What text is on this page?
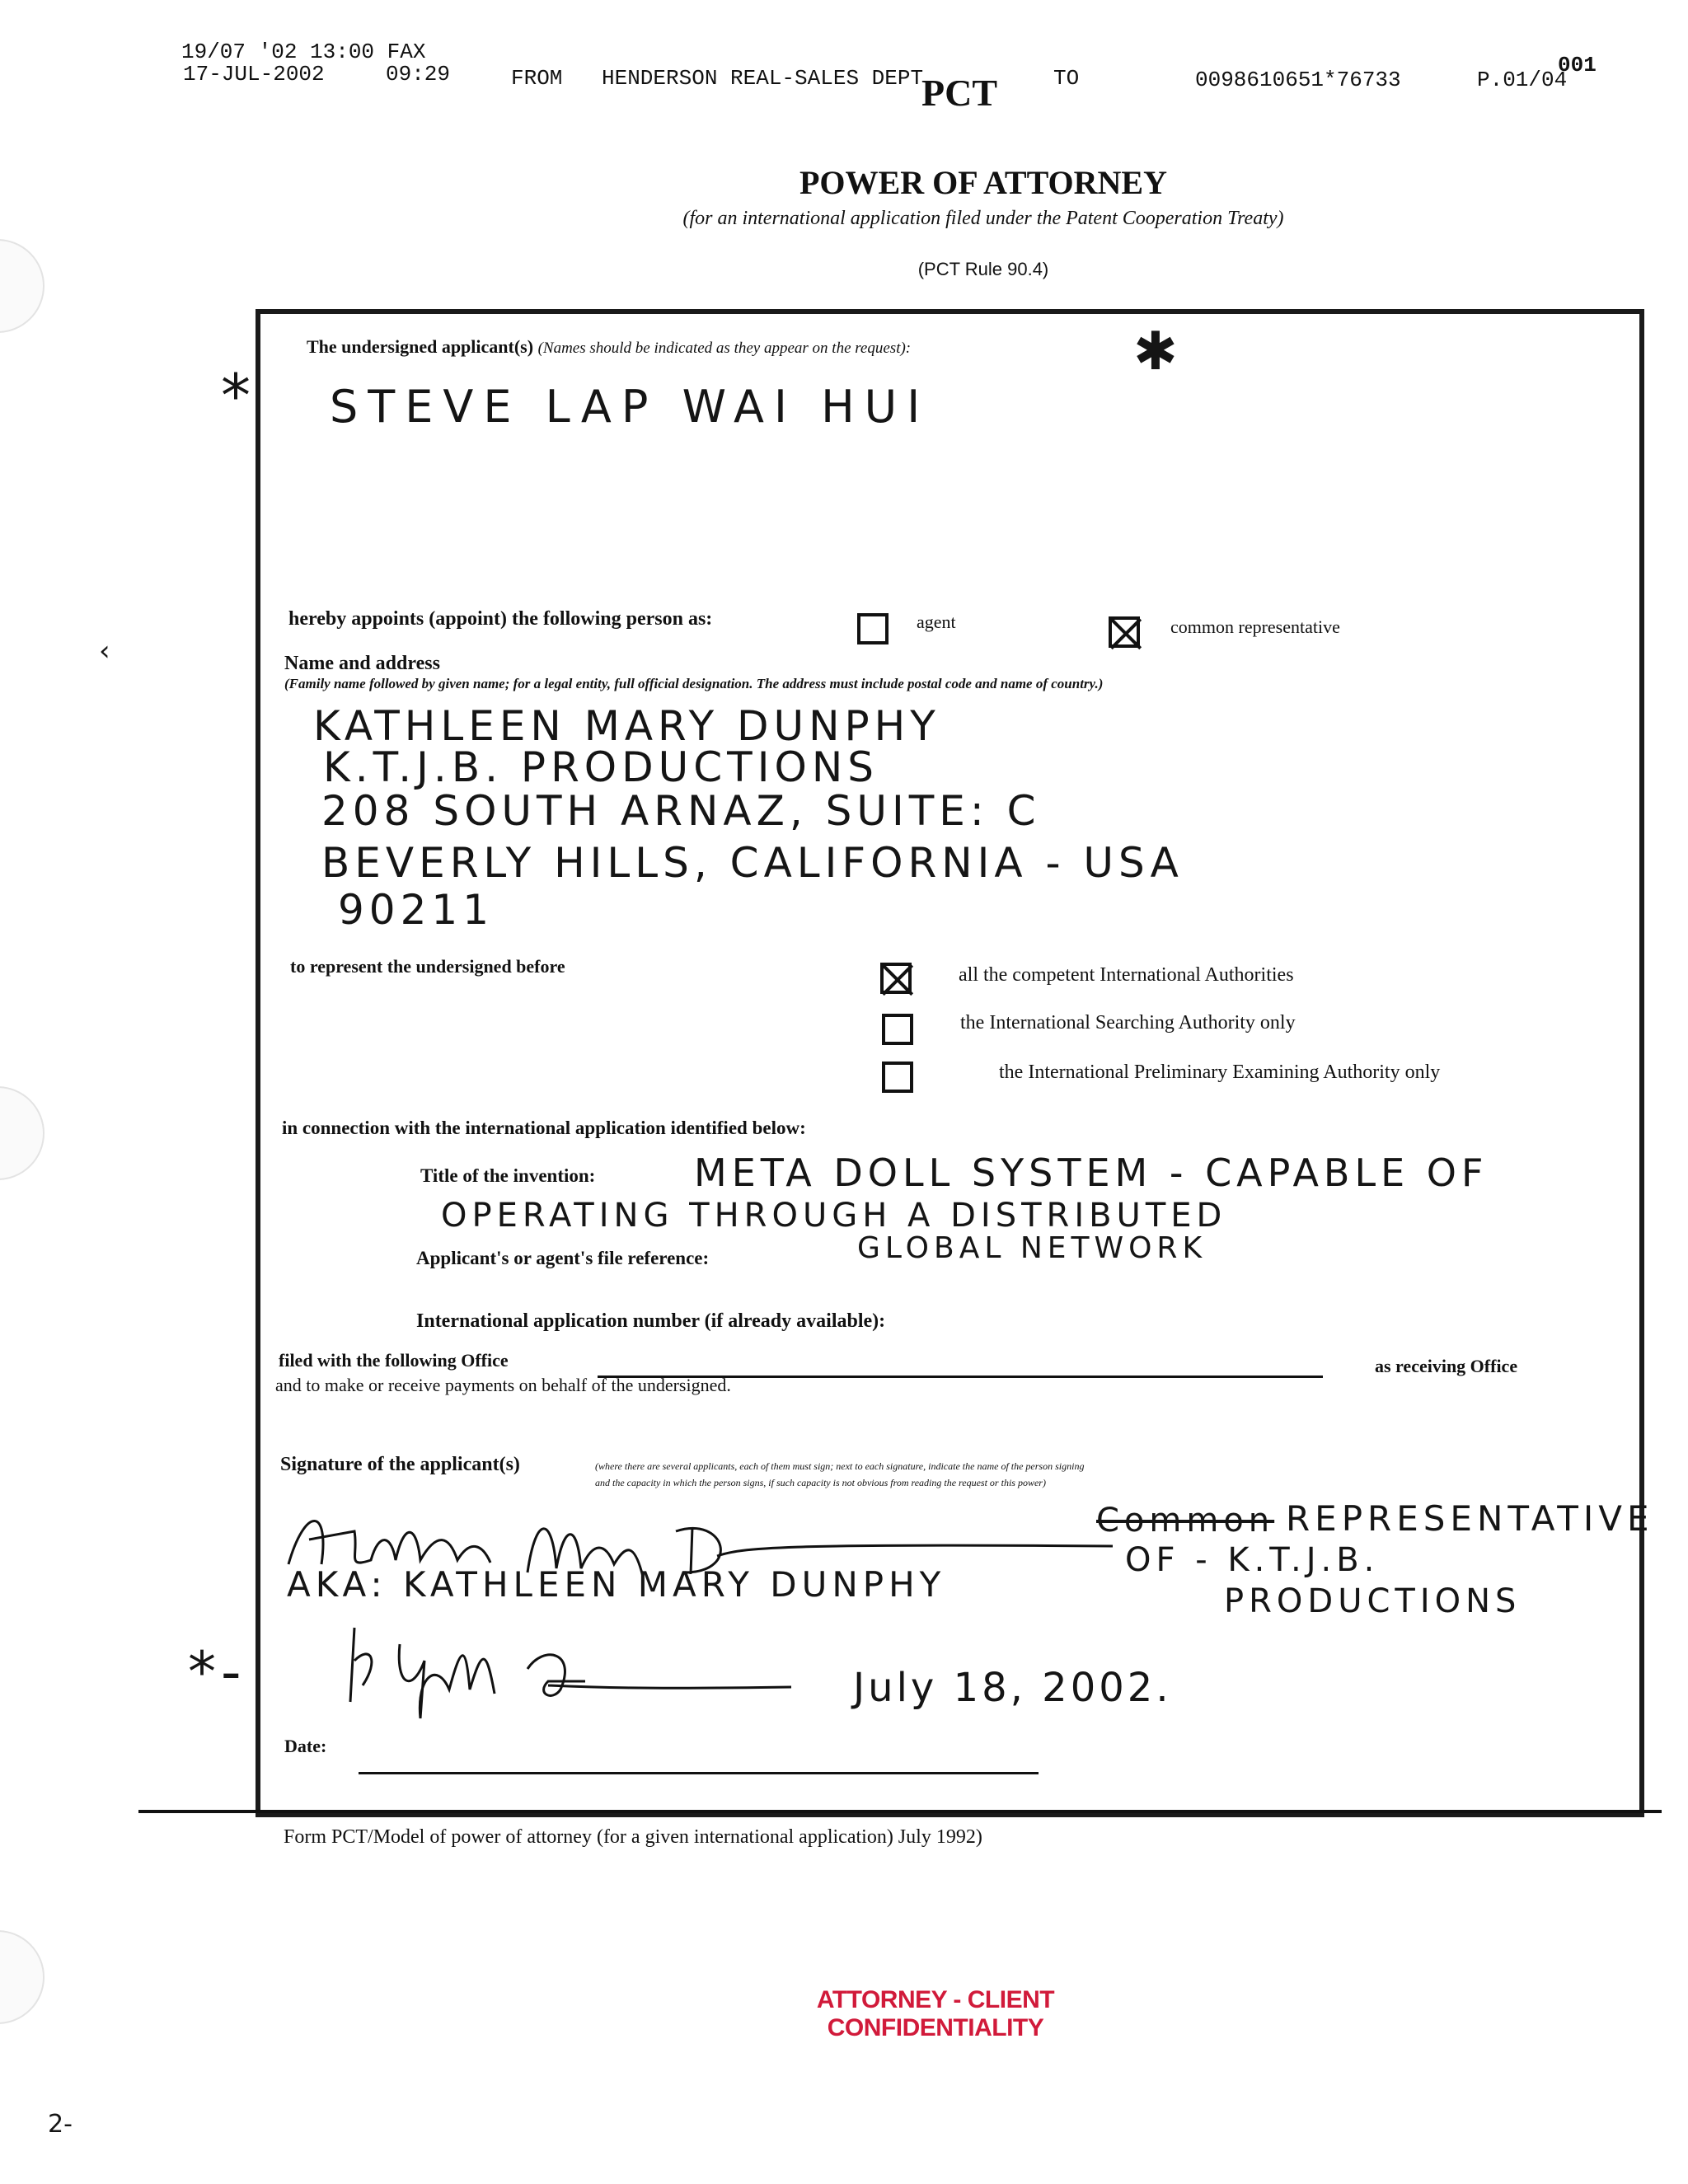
19/07 '02 13:00 FAX
17-JUL-2002	09:29	FROM HENDERSON REAL-SALES DEPT	TO	0098610651*76733	P.01/04
001
PCT
POWER OF ATTORNEY
(for an international application filed under the Patent Cooperation Treaty)
(PCT Rule 90.4)
The undersigned applicant(s) (Names should be indicated as they appear on the request):	✱
* STEVE LAP WAI HUI
hereby appoints (appoint) the following person as:	agent	common representative
Name and address
(Family name followed by given name; for a legal entity, full official designation. The address must include postal code and name of country.)
KATHLEEN MARY DUNPHY
K.T.J.B. PRODUCTIONS
208 SOUTH ARNAZ, SUITE: C
BEVERLY HILLS, CALIFORNIA - USA
90211
to represent the undersigned before	all the competent International Authorities
the International Searching Authority only
the International Preliminary Examining Authority only
in connection with the international application identified below:
Title of the invention:	META DOLL SYSTEM - CAPABLE OF
OPERATING THROUGH A DISTRIBUTED
GLOBAL NETWORK
Applicant's or agent's file reference:
International application number (if already available):
filed with the following Office	as receiving Office
and to make or receive payments on behalf of the undersigned.
Signature of the applicant(s)	(where there are several applicants, each of them must sign; next to each signature, indicate the name of the person signing
and the capacity in which the person signs, if such capacity is not obvious from reading the request or this power)
Common REPRESENTATIVE
OF - K.T.J.B.
PRODUCTIONS
AKA: KATHLEEN MARY DUNPHY
*-	July 18, 2002.
Date:
Form PCT/Model of power of attorney (for a given international application) July 1992)
ATTORNEY - CLIENT
CONFIDENTIALITY
‹
2-
